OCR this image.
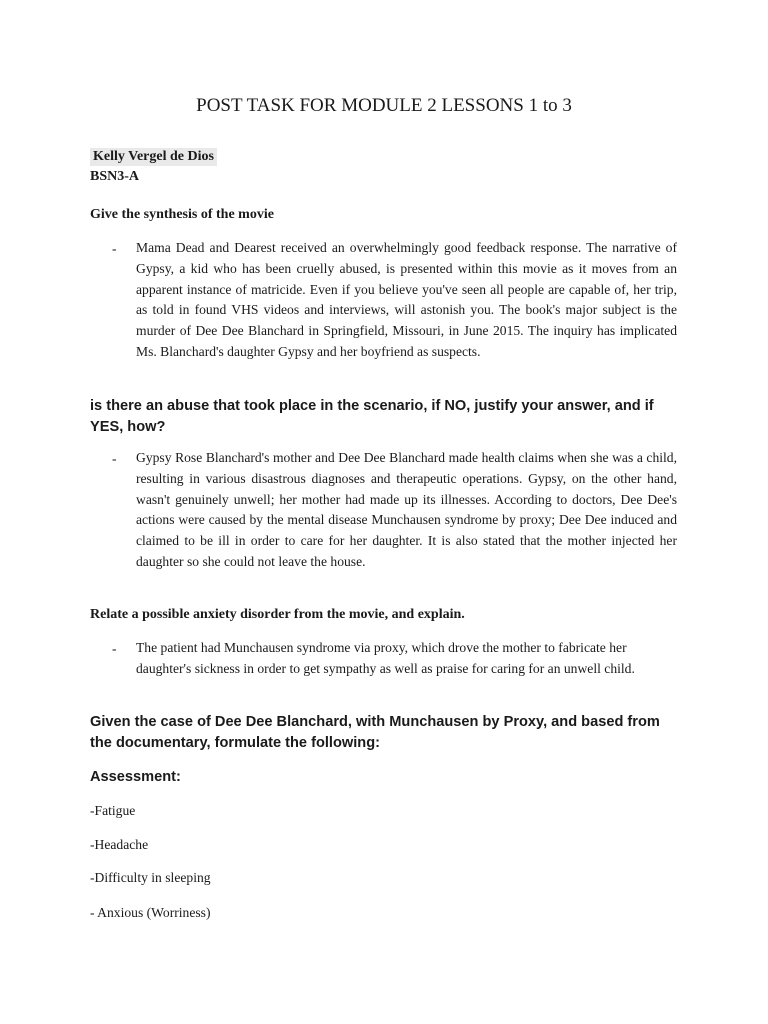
POST TASK FOR MODULE 2 LESSONS 1 to 3
Kelly Vergel de Dios
BSN3-A
Give the synthesis of the movie
- Mama Dead and Dearest received an overwhelmingly good feedback response. The narrative of Gypsy, a kid who has been cruelly abused, is presented within this movie as it moves from an apparent instance of matricide. Even if you believe you've seen all people are capable of, her trip, as told in found VHS videos and interviews, will astonish you. The book's major subject is the murder of Dee Dee Blanchard in Springfield, Missouri, in June 2015. The inquiry has implicated Ms. Blanchard's daughter Gypsy and her boyfriend as suspects.
is there an abuse that took place in the scenario, if NO, justify your answer, and if YES, how?
- Gypsy Rose Blanchard's mother and Dee Dee Blanchard made health claims when she was a child, resulting in various disastrous diagnoses and therapeutic operations. Gypsy, on the other hand, wasn't genuinely unwell; her mother had made up its illnesses. According to doctors, Dee Dee's actions were caused by the mental disease Munchausen syndrome by proxy; Dee Dee induced and claimed to be ill in order to care for her daughter. It is also stated that the mother injected her daughter so she could not leave the house.
Relate a possible anxiety disorder from the movie, and explain.
- The patient had Munchausen syndrome via proxy, which drove the mother to fabricate her daughter's sickness in order to get sympathy as well as praise for caring for an unwell child.
Given the case of Dee Dee Blanchard, with Munchausen by Proxy, and based from the documentary, formulate the following:
Assessment:
-Fatigue
-Headache
-Difficulty in sleeping
- Anxious (Worriness)
